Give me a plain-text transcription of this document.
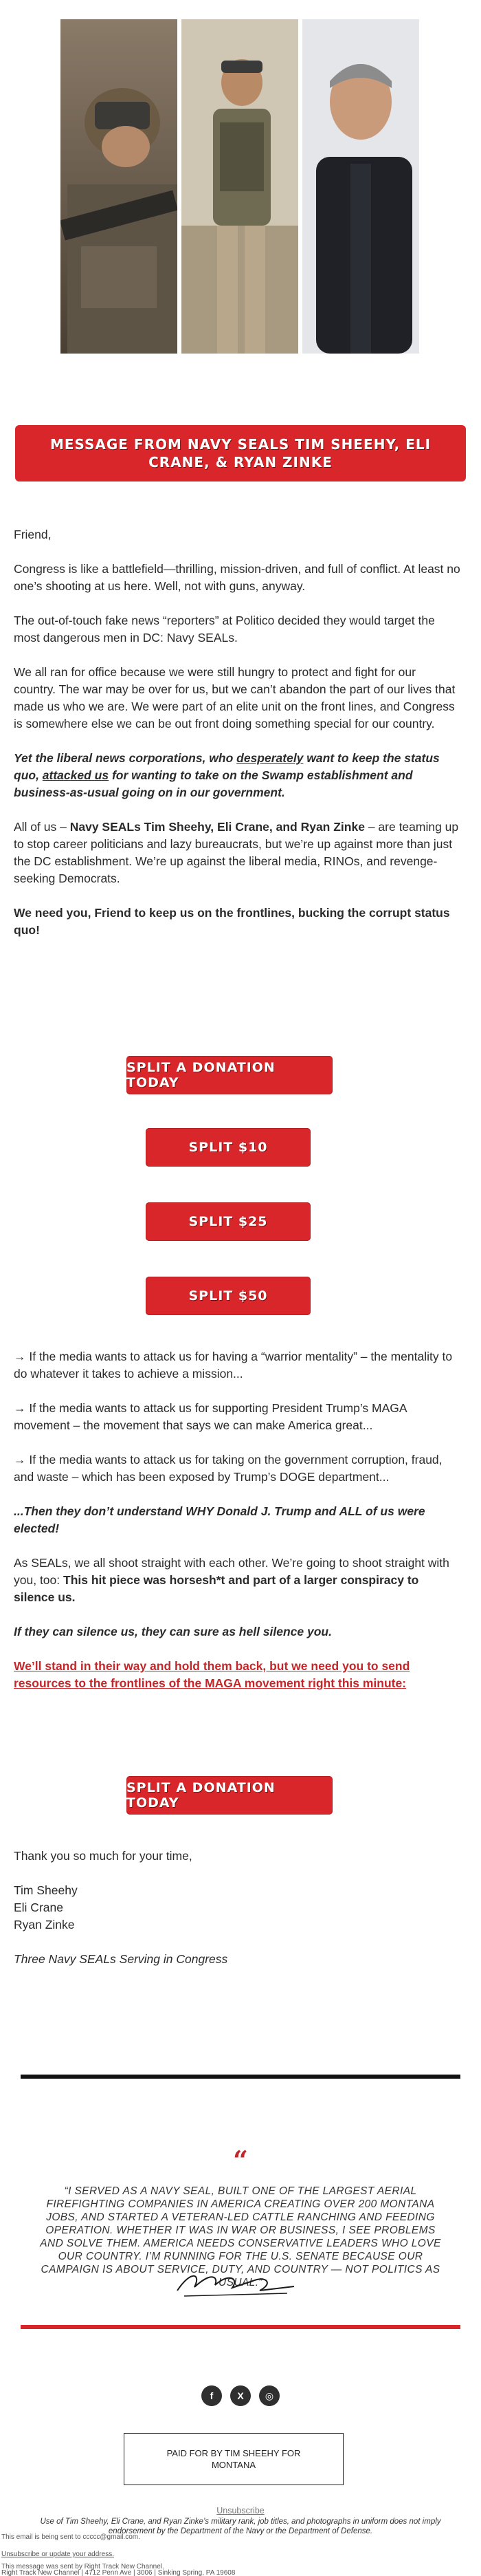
MESSAGE FROM NAVY SEALS TIM SHEEHY, ELI CRANE, & RYAN ZINKE
Friend,
Congress is like a battlefield—thrilling, mission-driven, and full of conflict. At least no one’s shooting at us here. Well, not with guns, anyway.
The out-of-touch fake news “reporters” at Politico decided they would target the most dangerous men in DC: Navy SEALs.
We all ran for office because we were still hungry to protect and fight for our country. The war may be over for us, but we can’t abandon the part of our lives that made us who we are. We were part of an elite unit on the front lines, and Congress is somewhere else we can be out front doing something special for our country.
Yet the liberal news corporations, who desperately want to keep the status quo, attacked us for wanting to take on the Swamp establishment and business-as-usual going on in our government.
All of us – Navy SEALs Tim Sheehy, Eli Crane, and Ryan Zinke – are teaming up to stop career politicians and lazy bureaucrats, but we’re up against more than just the DC establishment. We’re up against the liberal media, RINOs, and revenge-seeking Democrats.
We need you, Friend to keep us on the frontlines, bucking the corrupt status quo!
SPLIT A DONATION TODAY
SPLIT $10
SPLIT $25
SPLIT $50
→ If the media wants to attack us for having a “warrior mentality” – the mentality to do whatever it takes to achieve a mission...
→ If the media wants to attack us for supporting President Trump’s MAGA movement – the movement that says we can make America great...
→ If the media wants to attack us for taking on the government corruption, fraud, and waste – which has been exposed by Trump’s DOGE department...
...Then they don’t understand WHY Donald J. Trump and ALL of us were elected!
As SEALs, we all shoot straight with each other. We’re going to shoot straight with you, too: This hit piece was horsesh*t and part of a larger conspiracy to silence us.
If they can silence us, they can sure as hell silence you.
We’ll stand in their way and hold them back, but we need you to send resources to the frontlines of the MAGA movement right this minute:
SPLIT A DONATION TODAY
Thank you so much for your time,
Tim Sheehy
Eli Crane
Ryan Zinke
Three Navy SEALs Serving in Congress
“
“I SERVED AS A NAVY SEAL, BUILT ONE OF THE LARGEST AERIAL FIREFIGHTING COMPANIES IN AMERICA CREATING OVER 200 MONTANA JOBS, AND STARTED A VETERAN-LED CATTLE RANCHING AND FEEDING OPERATION. WHETHER IT WAS IN WAR OR BUSINESS, I SEE PROBLEMS AND SOLVE THEM. AMERICA NEEDS CONSERVATIVE LEADERS WHO LOVE OUR COUNTRY. I’M RUNNING FOR THE U.S. SENATE BECAUSE OUR CAMPAIGN IS ABOUT SERVICE, DUTY, AND COUNTRY — NOT POLITICS AS USUAL.”
f	X	◎
PAID FOR BY TIM SHEEHY FOR MONTANA
Unsubscribe
Use of Tim Sheehy, Eli Crane, and Ryan Zinke’s military rank, job titles, and photographs in uniform does not imply endorsement by the Department of the Navy or the Department of Defense.
This email is being sent to ccccc@gmail.com.
Unsubscribe or update your address.
This message was sent by Right Track New Channel.
Right Track New Channel | 4712 Penn Ave | 3006 | Sinking Spring, PA 19608
